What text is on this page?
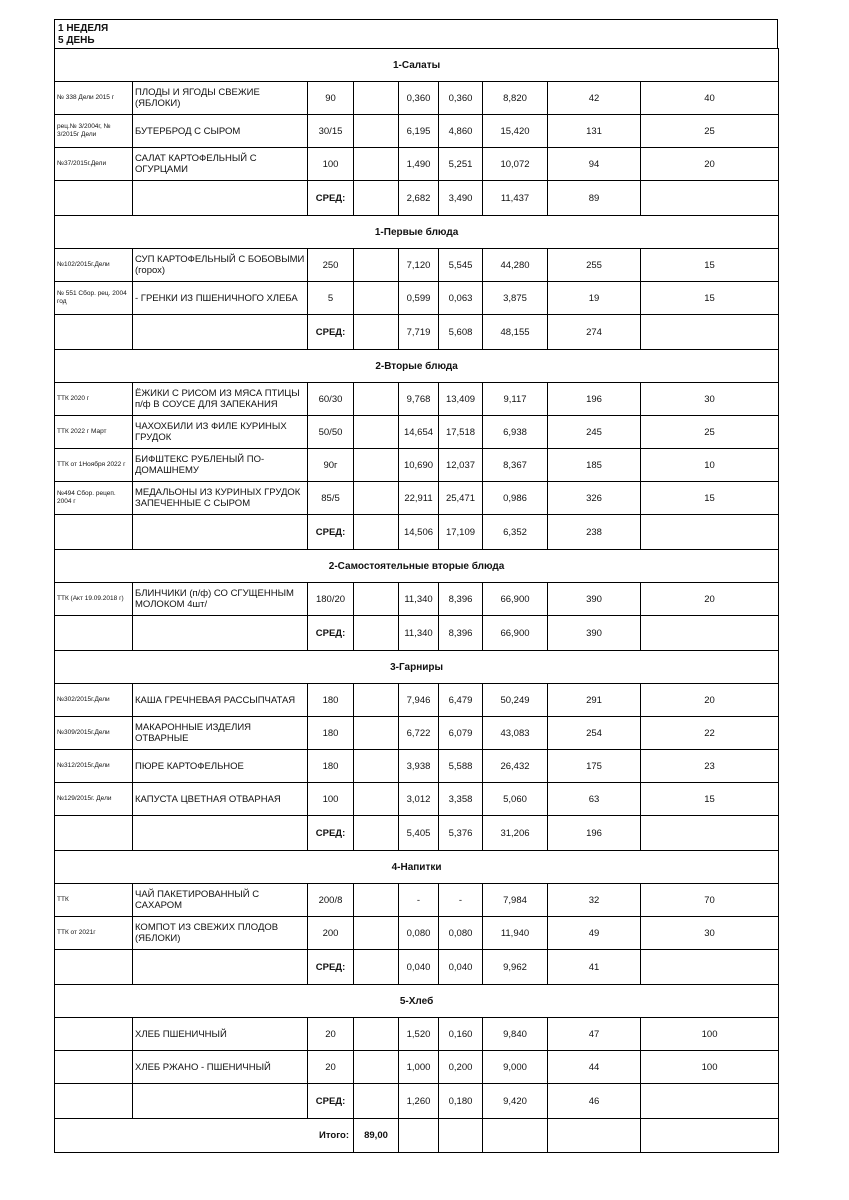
1 НЕДЕЛЯ
5 ДЕНЬ
1-Салаты								
№ 338 Дели 2015 г	ПЛОДЫ И ЯГОДЫ СВЕЖИЕ (ЯБЛОКИ)	90		0,360	0,360	8,820	42	40
рец.№ 3/2004г, № 3/2015г Дели	БУТЕРБРОД С СЫРОМ	30/15		6,195	4,860	15,420	131	25
№37/2015г.Дели	САЛАТ КАРТОФЕЛЬНЫЙ С ОГУРЦАМИ	100		1,490	5,251	10,072	94	20
		СРЕД:		2,682	3,490	11,437	89	
1-Первые блюда								
№102/2015г.Дели	СУП КАРТОФЕЛЬНЫЙ С БОБОВЫМИ (горох)	250		7,120	5,545	44,280	255	15
№ 551 Сбор. рец. 2004 год	- ГРЕНКИ ИЗ ПШЕНИЧНОГО ХЛЕБА	5		0,599	0,063	3,875	19	15
		СРЕД:		7,719	5,608	48,155	274	
2-Вторые блюда								
ТТК 2020 г	ЁЖИКИ С РИСОМ ИЗ МЯСА ПТИЦЫ п/ф В СОУСЕ ДЛЯ ЗАПЕКАНИЯ	60/30		9,768	13,409	9,117	196	30
ТТК 2022 г Март	ЧАХОХБИЛИ ИЗ ФИЛЕ КУРИНЫХ ГРУДОК	50/50		14,654	17,518	6,938	245	25
ТТК от 1Ноября 2022 г	БИФШТЕКС РУБЛЕНЫЙ ПО-ДОМАШНЕМУ	90г		10,690	12,037	8,367	185	10
№494 Сбор. рецеп. 2004 г	МЕДАЛЬОНЫ ИЗ КУРИНЫХ ГРУДОК ЗАПЕЧЕННЫЕ С СЫРОМ	85/5		22,911	25,471	0,986	326	15
		СРЕД:		14,506	17,109	6,352	238	
2-Самостоятельные вторые блюда								
ТТК (Акт 19.09.2018 г)	БЛИНЧИКИ (п/ф) СО СГУЩЕННЫМ МОЛОКОМ 4шт/	180/20		11,340	8,396	66,900	390	20
		СРЕД:		11,340	8,396	66,900	390	
3-Гарниры								
№302/2015г.Дели	КАША ГРЕЧНЕВАЯ РАССЫПЧАТАЯ	180		7,946	6,479	50,249	291	20
№309/2015г.Дели	МАКАРОННЫЕ ИЗДЕЛИЯ ОТВАРНЫЕ	180		6,722	6,079	43,083	254	22
№312/2015г.Дели	ПЮРЕ КАРТОФЕЛЬНОЕ	180		3,938	5,588	26,432	175	23
№129/2015г. Дели	КАПУСТА ЦВЕТНАЯ ОТВАРНАЯ	100		3,012	3,358	5,060	63	15
		СРЕД:		5,405	5,376	31,206	196	
4-Напитки								
ТТК	ЧАЙ ПАКЕТИРОВАННЫЙ С САХАРОМ	200/8		-	-	7,984	32	70
ТТК от 2021г	КОМПОТ ИЗ СВЕЖИХ ПЛОДОВ (ЯБЛОКИ)	200		0,080	0,080	11,940	49	30
		СРЕД:		0,040	0,040	9,962	41	
5-Хлеб								
	ХЛЕБ ПШЕНИЧНЫЙ	20		1,520	0,160	9,840	47	100
	ХЛЕБ РЖАНО - ПШЕНИЧНЫЙ	20		1,000	0,200	9,000	44	100
		СРЕД:		1,260	0,180	9,420	46	
Итого:			89,00					
